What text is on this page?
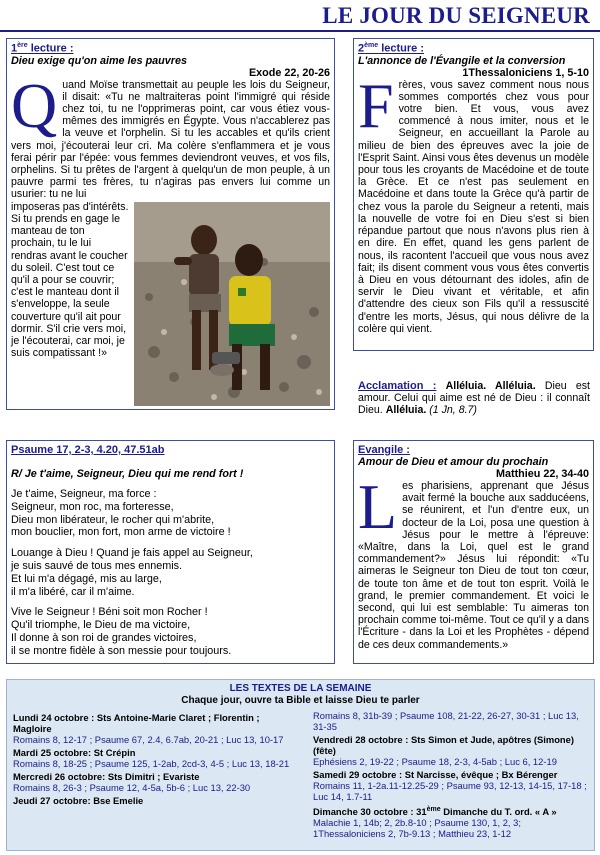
LE JOUR DU SEIGNEUR
1ère lecture :
Dieu exige qu'on aime les pauvres
Exode 22, 20-26

Quand Moïse transmettait au peuple les lois du Seigneur, il disait: «Tu ne maltraiteras point l'immigré qui réside chez toi, tu ne l'opprimeras point, car vous étiez vous-mêmes des immigrés en Égypte. Vous n'accablerez pas la veuve et l'orphelin. Si tu les accables et qu'ils crient vers moi, j'écouterai leur cri. Ma colère s'enflammera et je vous ferai périr par l'épée: vous femmes deviendront veuves, et vos fils, orphelins. Si tu prêtes de l'argent à quelqu'un de mon peuple, à un pauvre parmi tes frères, tu n'agiras pas envers lui comme un usurier: tu ne lui

imposeras pas d'intérêts. Si tu prends en gage le manteau de ton prochain, tu le lui rendras avant le coucher du soleil. C'est tout ce qu'il a pour se couvrir; c'est le manteau dont il s'enveloppe, la seule couverture qu'il ait pour dormir. S'il crie vers moi, je l'écouterai, car moi, je suis compatissant !»

2ème lecture :
L'annonce de l'Évangile et la conversion
1Thessaloniciens 1, 5-10

Frères, vous savez comment nous nous sommes comportés chez vous pour votre bien. Et vous, vous avez commencé à nous imiter, nous et le Seigneur, en accueillant la Parole au milieu de bien des épreuves avec la joie de l'Esprit Saint. Ainsi vous êtes devenus un modèle pour tous les croyants de Macédoine et de toute la Grèce. Et ce n'est pas seulement en Macédoine et dans toute la Grèce qu'à partir de chez vous la parole du Seigneur a retenti, mais la nouvelle de votre foi en Dieu s'est si bien répandue partout que nous n'avons plus rien à en dire. En effet, quand les gens parlent de nous, ils racontent l'accueil que vous nous avez fait; ils disent comment vous vous êtes convertis à Dieu en vous détournant des idoles, afin de servir le Dieu vivant et véritable, et afin d'attendre des cieux son Fils qu'il a ressuscité d'entre les morts, Jésus, qui nous délivre de la colère qui vient.

Acclamation : Alléluia. Alléluia. Dieu est amour. Celui qui aime est né de Dieu : il connaît Dieu. Alléluia. (1 Jn, 8.7)

Psaume 17, 2-3, 4.20, 47.51ab
R/ Je t'aime, Seigneur, Dieu qui me rend fort !

Je t'aime, Seigneur, ma force :

Seigneur, mon roc, ma forteresse,

Dieu mon libérateur, le rocher qui m'abrite,

mon bouclier, mon fort, mon arme de victoire !

Louange à Dieu ! Quand je fais appel au Seigneur,

je suis sauvé de tous mes ennemis.

Et lui m'a dégagé, mis au large,

il m'a libéré, car il m'aime.

Vive le Seigneur ! Béni soit mon Rocher !

Qu'il triomphe, le Dieu de ma victoire,

Il donne à son roi de grandes victoires,

il se montre fidèle à son messie pour toujours.

Evangile :
Amour de Dieu et amour du prochain
Matthieu 22, 34-40

Les pharisiens, apprenant que Jésus avait fermé la bouche aux sadducéens, se réunirent, et l'un d'entre eux, un docteur de la Loi, posa une question à Jésus pour le mettre à l'épreuve: «Maître, dans la Loi, quel est le grand commandement?» Jésus lui répondit: «Tu aimeras le Seigneur ton Dieu de tout ton cœur, de toute ton âme et de tout ton esprit. Voilà le grand, le premier commandement. Et voici le second, qui lui est semblable: Tu aimeras ton prochain comme toi-même. Tout ce qu'il y a dans l'Écriture - dans la Loi et les Prophètes - dépend de ces deux commandements.»

LES TEXTES DE LA SEMAINE
Chaque jour, ouvre ta Bible et laisse Dieu te parler
Lundi 24 octobre : Sts Antoine-Marie Claret ; Florentin ; Magloire
Romains 8, 12-17 ; Psaume 67, 2.4, 6.7ab, 20-21 ; Luc 13, 10-17
Mardi 25 octobre: St Crépin
Romains 8, 18-25 ; Psaume 125, 1-2ab, 2cd-3, 4-5 ; Luc 13, 18-21
Mercredi 26 octobre: Sts Dimitri ; Evariste
Romains 8, 26-3 ; Psaume 12, 4-5a, 5b-6 ; Luc 13, 22-30
Jeudi 27 octobre: Bse Emelie
Romains 8, 31b-39 ; Psaume 108, 21-22, 26-27, 30-31 ; Luc 13, 31-35
Vendredi 28 octobre : Sts Simon et Jude, apôtres (Simone) (fête)
Ephésiens 2, 19-22 ; Psaume 18, 2-3, 4-5ab ; Luc 6, 12-19
Samedi 29 octobre : St Narcisse, évêque ; Bx Bérenger
Romains 11, 1-2a.11-12.25-29 ; Psaume 93, 12-13, 14-15, 17-18 ; Luc 14, 1.7-11
Dimanche 30 octobre : 31ème Dimanche du T. ord. « A »
Malachie 1, 14b; 2, 2b.8-10 ; Psaume 130, 1, 2, 3; 1Thessaloniciens 2, 7b-9.13 ; Matthieu 23, 1-12
